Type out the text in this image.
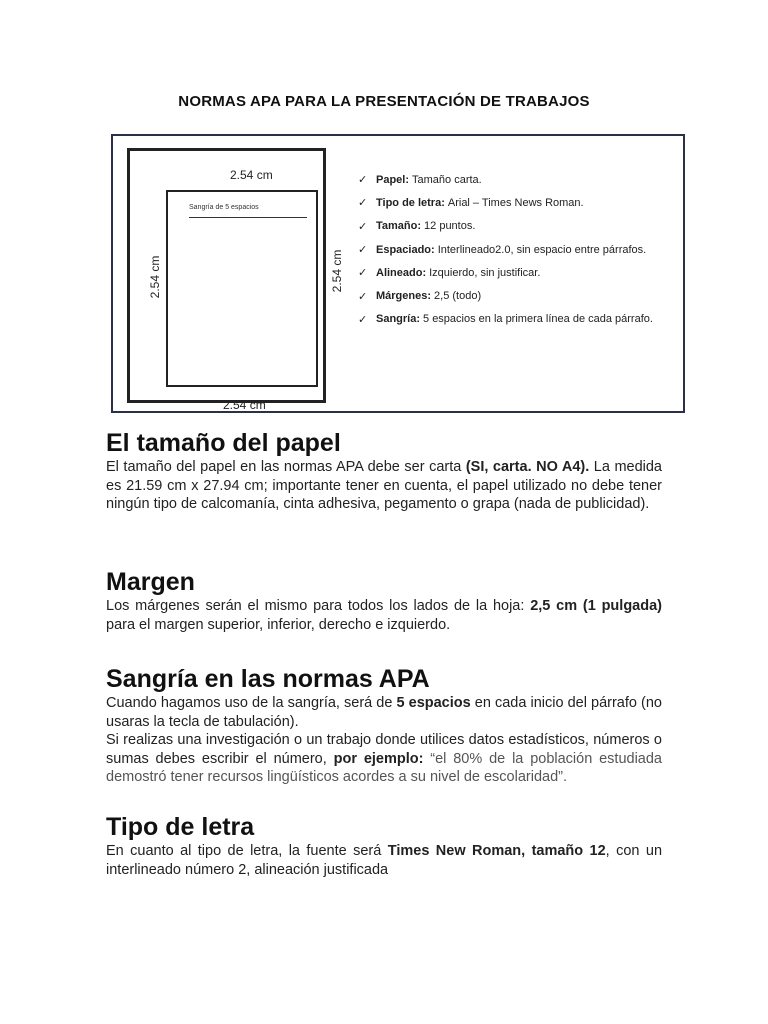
NORMAS APA PARA LA PRESENTACIÓN DE TRABAJOS
2.54 cm
2.54 cm
2.54 cm	2.54 cm
Sangría de 5 espacios
✓ Papel: Tamaño carta.
✓ Tipo de letra: Arial – Times News Roman.
✓ Tamaño: 12 puntos.
✓ Espaciado: Interlineado2.0, sin espacio entre párrafos.
✓ Alineado: Izquierdo, sin justificar.
✓ Márgenes: 2,5 (todo)
✓ Sangría: 5 espacios en la primera línea de cada párrafo.
El tamaño del papel

El tamaño del papel en las normas APA debe ser carta (SI, carta. NO A4). La medida es 21.59 cm x 27.94 cm; importante tener en cuenta, el papel utilizado no debe tener ningún tipo de calcomanía, cinta adhesiva, pegamento o grapa (nada de publicidad).

Margen

Los márgenes serán el mismo para todos los lados de la hoja: 2,5 cm (1 pulgada) para el margen superior, inferior, derecho e izquierdo.

Sangría en las normas APA

Cuando hagamos uso de la sangría, será de 5 espacios en cada inicio del párrafo (no usaras la tecla de tabulación).

Si realizas una investigación o un trabajo donde utilices datos estadísticos, números o sumas debes escribir el número, por ejemplo: “el 80% de la población estudiada demostró tener recursos lingüísticos acordes a su nivel de escolaridad”.

Tipo de letra

En cuanto al tipo de letra, la fuente será Times New Roman, tamaño 12, con un interlineado número 2, alineación justificada
